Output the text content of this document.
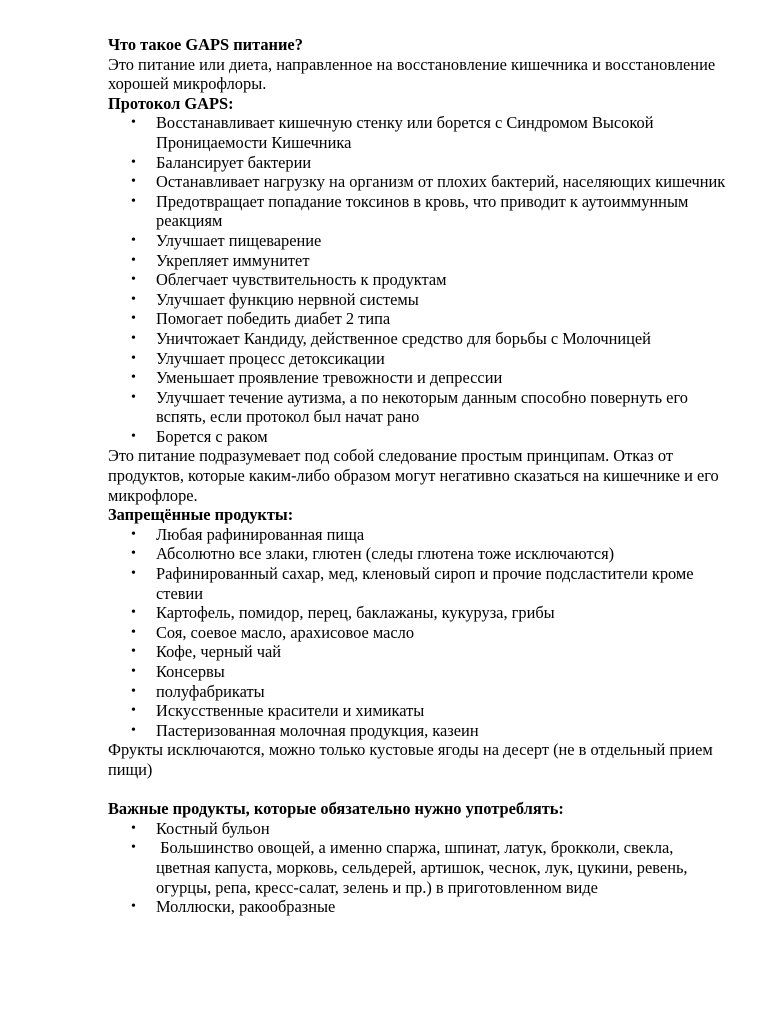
Что такое GAPS питание?

Это питание или диета, направленное на восстановление кишечника и восстановление хорошей микрофлоры.

Протокол GAPS:

• Восстанавливает кишечную стенку или борется с Синдромом Высокой Проницаемости Кишечника
• Балансирует бактерии
• Останавливает нагрузку на организм от плохих бактерий, населяющих кишечник
• Предотвращает попадание токсинов в кровь, что приводит к аутоиммунным реакциям
• Улучшает пищеварение
• Укрепляет иммунитет
• Облегчает чувствительность к продуктам
• Улучшает функцию нервной системы
• Помогает победить диабет 2 типа
• Уничтожает Кандиду, действенное средство для борьбы с Молочницей
• Улучшает процесс детоксикации
• Уменьшает проявление тревожности и депрессии
• Улучшает течение аутизма, а по некоторым данным способно повернуть его вспять, если протокол был начат рано
• Борется с раком

Это питание подразумевает под собой следование простым принципам. Отказ от продуктов, которые каким-либо образом могут негативно сказаться на кишечнике и его микрофлоре.

Запрещённые продукты:

• Любая рафинированная пища
• Абсолютно все злаки, глютен (следы глютена тоже исключаются)
• Рафинированный сахар, мед, кленовый сироп и прочие подсластители кроме стевии
• Картофель, помидор, перец, баклажаны, кукуруза, грибы
• Соя, соевое масло, арахисовое масло
• Кофе, черный чай
• Консервы
• полуфабрикаты
• Искусственные красители и химикаты
• Пастеризованная молочная продукция, казеин

Фрукты исключаются, можно только кустовые ягоды на десерт (не в отдельный прием пищи)

Важные продукты, которые обязательно нужно употреблять:

• Костный бульон
• Большинство овощей, а именно спаржа, шпинат, латук, брокколи, свекла, цветная капуста, морковь, сельдерей, артишок, чеснок, лук, цукини, ревень, огурцы, репа, кресс-салат, зелень и пр.) в приготовленном виде
• Моллюски, ракообразные
